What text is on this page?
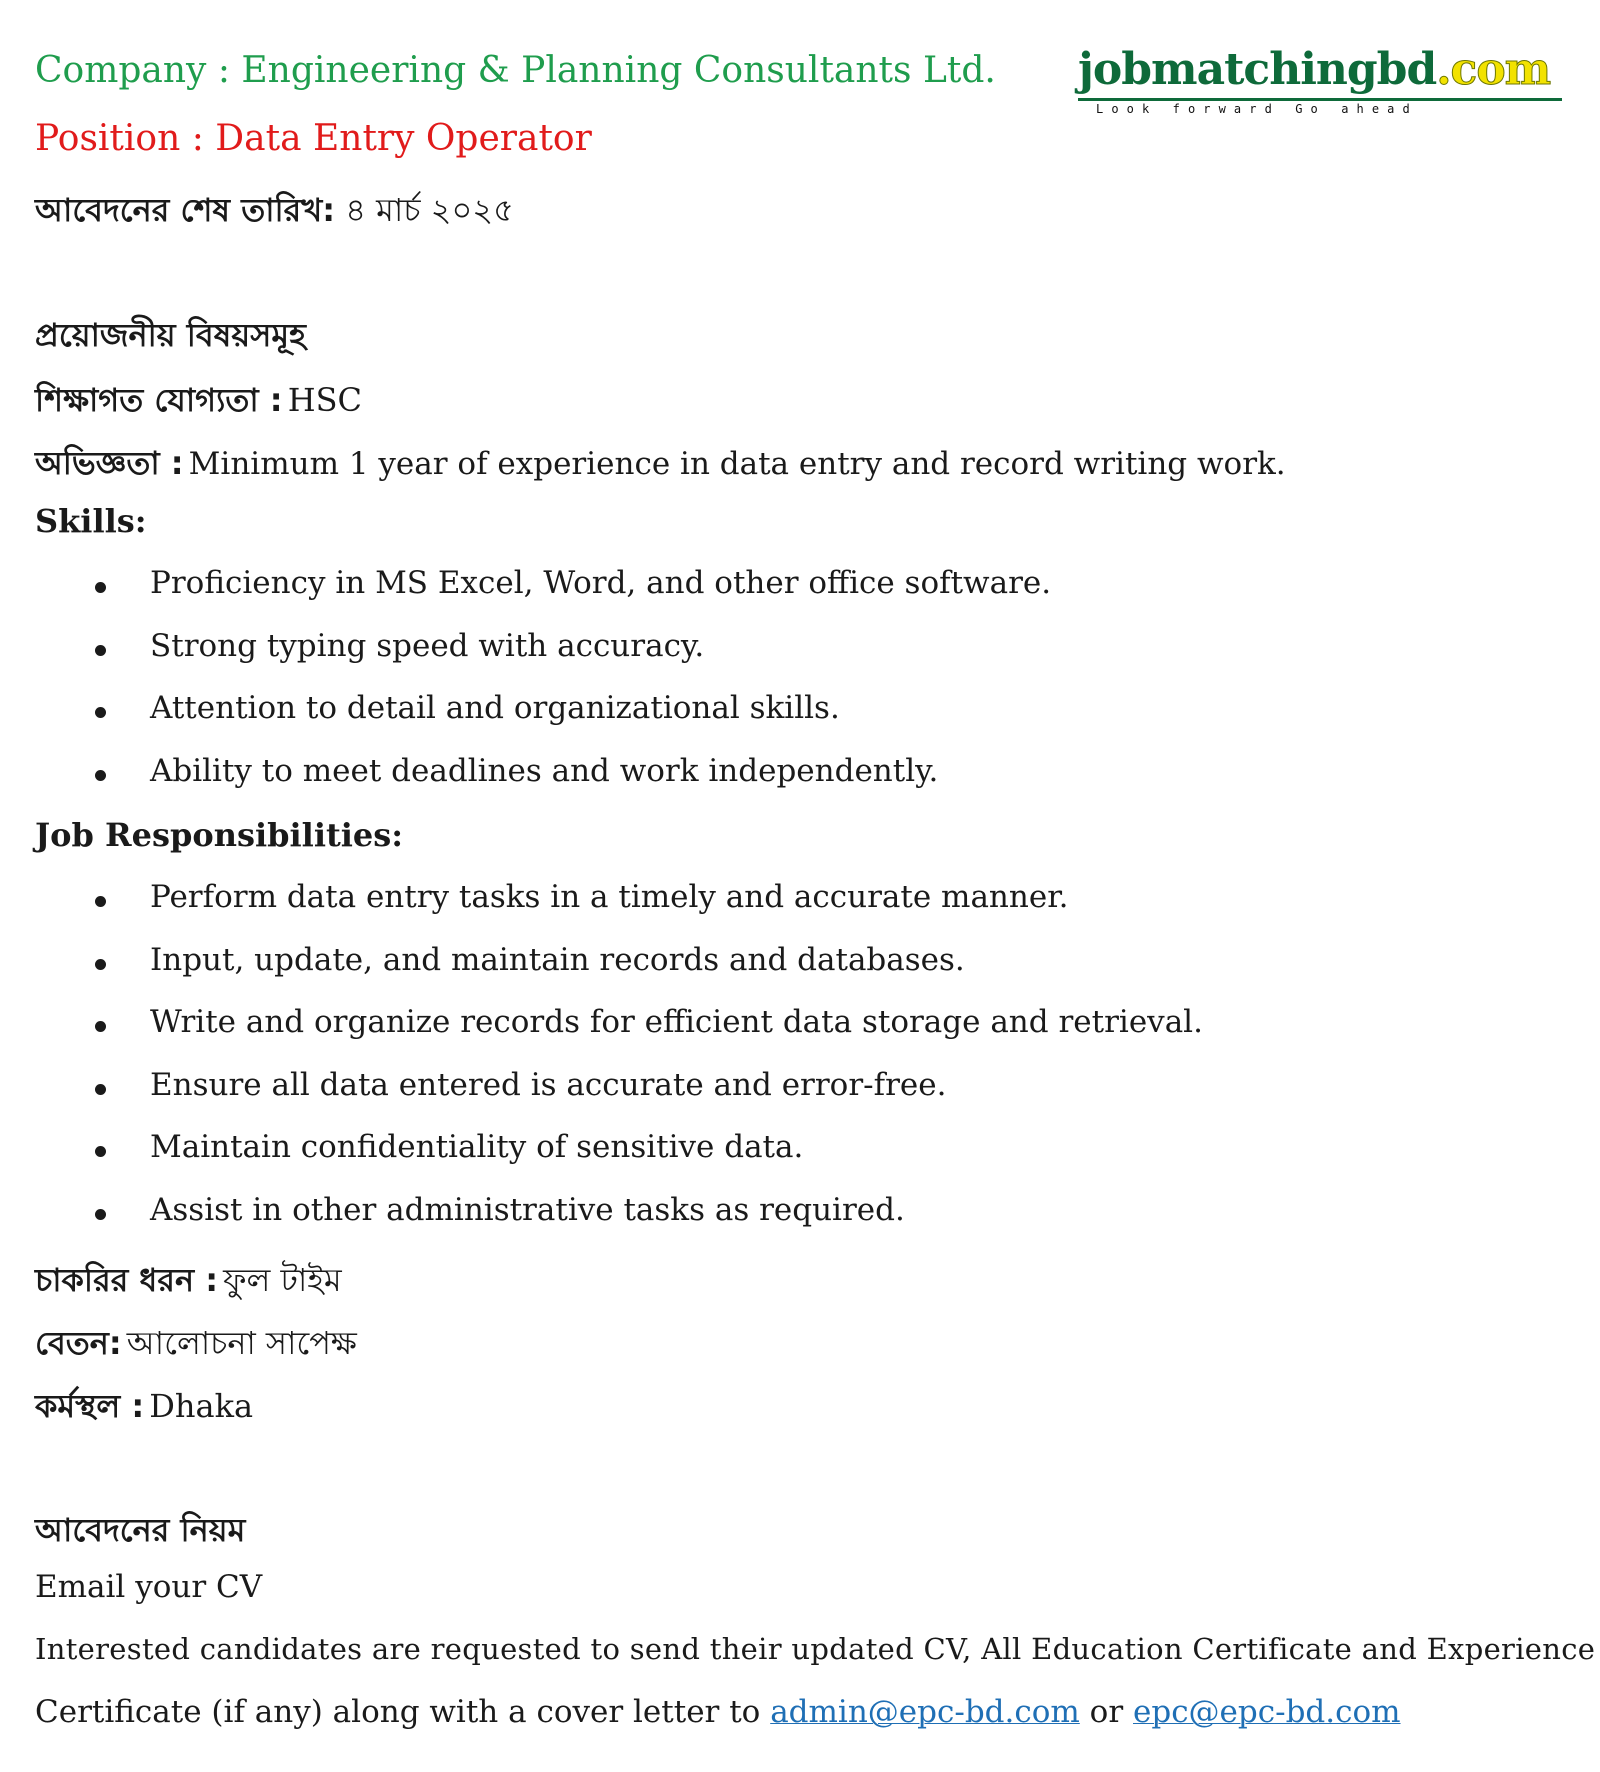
Company : Engineering & Planning Consultants Ltd.
Position : Data Entry Operator
আবেদনের শেষ তারিখ: ৪ মার্চ ২০২৫
jobmatchingbd.com
Look forward Go ahead
প্রয়োজনীয় বিষয়সমূহ
শিক্ষাগত যোগ্যতা : HSC
অভিজ্ঞতা : Minimum 1 year of experience in data entry and record writing work.
Skills:
Proficiency in MS Excel, Word, and other office software.
Strong typing speed with accuracy.
Attention to detail and organizational skills.
Ability to meet deadlines and work independently.
Job Responsibilities:
Perform data entry tasks in a timely and accurate manner.
Input, update, and maintain records and databases.
Write and organize records for efficient data storage and retrieval.
Ensure all data entered is accurate and error-free.
Maintain confidentiality of sensitive data.
Assist in other administrative tasks as required.
চাকরির ধরন : ফুল টাইম
বেতন: আলোচনা সাপেক্ষ
কর্মস্থল : Dhaka
আবেদনের নিয়ম
Email your CV
Interested candidates are requested to send their updated CV, All Education Certificate and Experience
Certificate (if any) along with a cover letter to admin@epc-bd.com or epc@epc-bd.com
